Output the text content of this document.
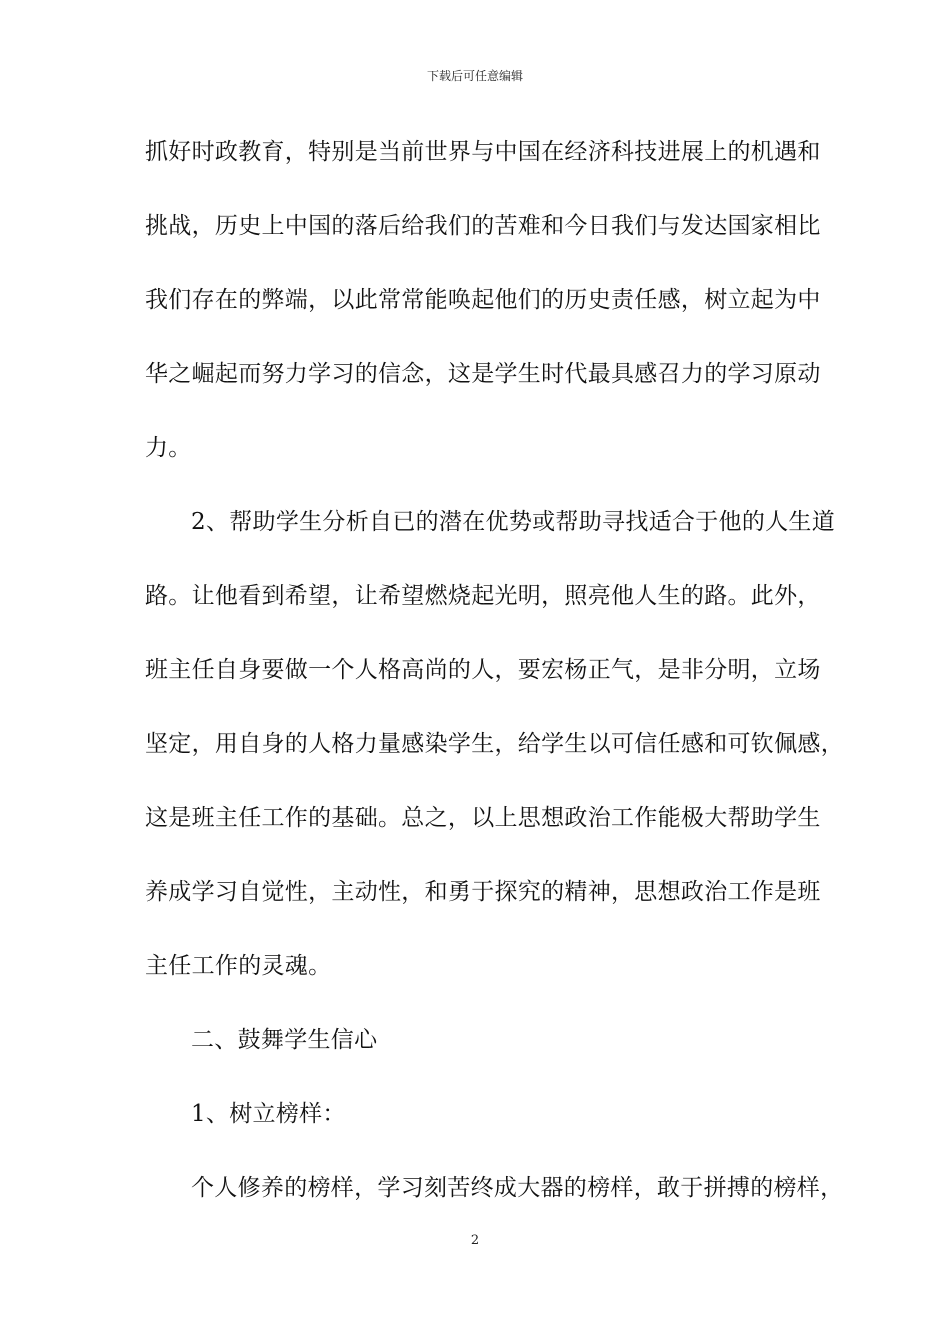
下载后可任意编辑
抓好时政教育，特别是当前世界与中国在经济科技进展上的机遇和
挑战，历史上中国的落后给我们的苦难和今日我们与发达国家相比
我们存在的弊端，以此常常能唤起他们的历史责任感，树立起为中
华之崛起而努力学习的信念，这是学生时代最具感召力的学习原动
力。
2、帮助学生分析自已的潜在优势或帮助寻找适合于他的人生道
路。让他看到希望，让希望燃烧起光明，照亮他人生的路。此外，
班主任自身要做一个人格高尚的人，要宏杨正气，是非分明，立场
坚定，用自身的人格力量感染学生，给学生以可信任感和可钦佩感，
这是班主任工作的基础。总之，以上思想政治工作能极大帮助学生
养成学习自觉性，主动性，和勇于探究的精神，思想政治工作是班
主任工作的灵魂。
二、鼓舞学生信心
1、树立榜样：
个人修养的榜样，学习刻苦终成大器的榜样，敢于拼搏的榜样，
2
